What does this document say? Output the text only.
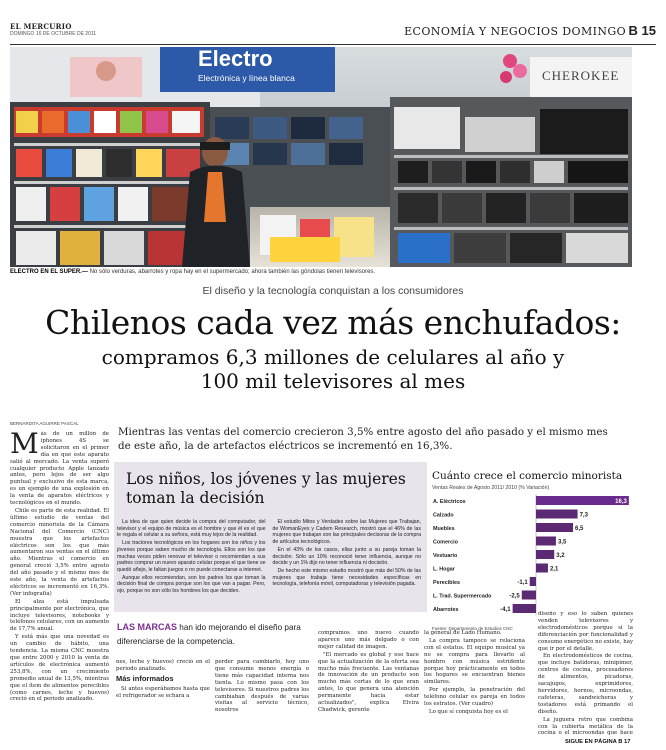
EL MERCURIO
DOMINGO 16 DE OCTUBRE DE 2011	ECONOMÍA Y NEGOCIOS DOMINGO B 15
Electro
Electrónica y línea blanca	CHEROKEE
ELECTRO EN EL SUPER.— No sólo verduras, abarrotes y ropa hay en el supermercado; ahora también las góndolas tienen televisores.
El diseño y la tecnología conquistan a los consumidores
Chilenos cada vez más enchufados:
compramos 6,3 millones de celulares al año y 100 mil televisores al mes
BERNARDITA AGUIRRE PASCAL

Más de un millón de iphones 4S se solicitaron en el primer día en que este aparato salió al mercado. La venta superó cualquier producto Apple lanzado antes, pero lejos de ser algo puntual y exclusivo de esta marca, es un ejemplo de una explosión en la venta de aparatos eléctricos y tecnológicos en el mundo.

Chile es parte de esta realidad. El último estudio de ventas del comercio minorista de la Cámara Nacional del Comercio (CNC) muestra que los artefactos eléctricos son los que más aumentaron sus ventas en el último año. Mientras el comercio en general creció 3,5% entre agosto del año pasado y el mismo mes de este año, la venta de artefactos eléctricos se incrementó en 16,3%. (Ver infografía)

El alza está impulsada principalmente por electrónica, que incluye televisores, notebooks y teléfonos celulares, con un aumento de 17,7% anual.

Y está más que una novedad es un cambio de hábito, una tendencia. La misma CNC muestra que entre 2000 y 2010 la venta de artículos de electrónica aumentó 253,8%, con un crecimiento promedio anual de 13,5%, mientras que el ítem de alimentos perecibles (como carnes, leche y huevos) creció en el periodo analizado.

Mientras las ventas del comercio crecieron 3,5% entre agosto del año pasado y el mismo mes de este año, la de artefactos eléctricos se incrementó en 16,3%.
Los niños, los jóvenes y las mujeres toman la decisión

La idea de que quien decide la compra del computador, del televisor y el equipo de música es el hombre y que él es el que le regala el celular a su señora, está muy lejos de la realidad.

Los tractores tecnológicos en los hogares son los niños y los jóvenes porque saben mucho de tecnología. Ellos son los que muchas veces piden renovar el televisor o recomiendan a sus padres comprar un nuevo aparato celular porque el que tiene se quedó añejo, le faltan juegos o no puede conectarse a internet.

Aunque ellos recomiendan, son los padres los que toman la decisión final de compra porque son los que van a pagar. Pero, ojo, porque no son sólo los hombres los que deciden.

El estudio Mitos y Verdades sobre las Mujeres que Trabajan, de WomanEyes y Cadem Research, mostró que el 46% de las mujeres que trabajan son las principales decisoras de la compra de artículos tecnológicos.

En el 43% de los casos, ellas junto a su pareja toman la decisión. Sólo un 10% reconoció tener influencia, aunque no decide y un 1% dijo no tener influencia ni decisión.

De hecho este mismo estudio mostró que más del 50% de las mujeres que trabaja tiene necesidades específicas en tecnología, telefonía móvil, computadoras y televisión pagada.

LAS MARCAS han ido mejorando el diseño para diferenciarse de la competencia.

nes, leche y huevos) creció en el periodo analizado.

Más informados

Si antes esperábamos hasta que el refrigerador se echara a

perder para cambiarlo, hoy uno que consume menos energía o tiene más capacidad interna nos tienta. Lo mismo pasa con los televisores. Si nuestros padres los cambiaban después de varias visitas al servicio técnico, nosotros

compramos uno nuevo cuando aparece uno más delgado o con mejor calidad de imagen.

"El mercado es global y eso hace que la actualización de la oferta sea mucho más frecuente. Las ventanas de innovación de un producto son mucho más cortas de lo que eran antes, lo que genera una atención permanente hacia estar actualizados", explica Elvira Chadwick, gerente

la general de Lado Humano.

La compra tampoco se relaciona con el estatus. El equipo musical ya no se compra para llevarlo al hombro con música estridente porque hoy prácticamente en todos los hogares se encuentran bienes similares.

Por ejemplo, la penetración del teléfono celular es pareja en todos los estratos. (Ver cuadro)

Lo que sí conquista hoy es el

Cuánto crece el comercio minorista
Ventas Reales de Agosto 2011/ 2010 (% Variación)
A. Eléctricos	16,3
Calzado	7,3
Muebles	6,5
Comercio	3,5
Vestuario	3,2
L. Hogar	2,1
Perecibles	-1,1
L. Trad. Supermercado	-2,5
Abarrotes	-4,1
Fuente: Departamento de Estudios CNC

diseño y eso lo saben quienes venden televisores y electrodomésticos porque si la diferenciación por funcionalidad y consumo energético no existe, hay que ir por el detalle.

En electrodomésticos de cocina, que incluye batidoras, minipimer, centros de cocina, procesadores de alimentos, picadoras, sacajugos, exprimidores, hervidores, hornos, microondas, cafeteras, sandwicheras y tostadores está primando el diseño.

La juguera retro que combina con la cubierta metálica de la cocina o el microondas que hace

SIGUE EN PÁGINA B 17
